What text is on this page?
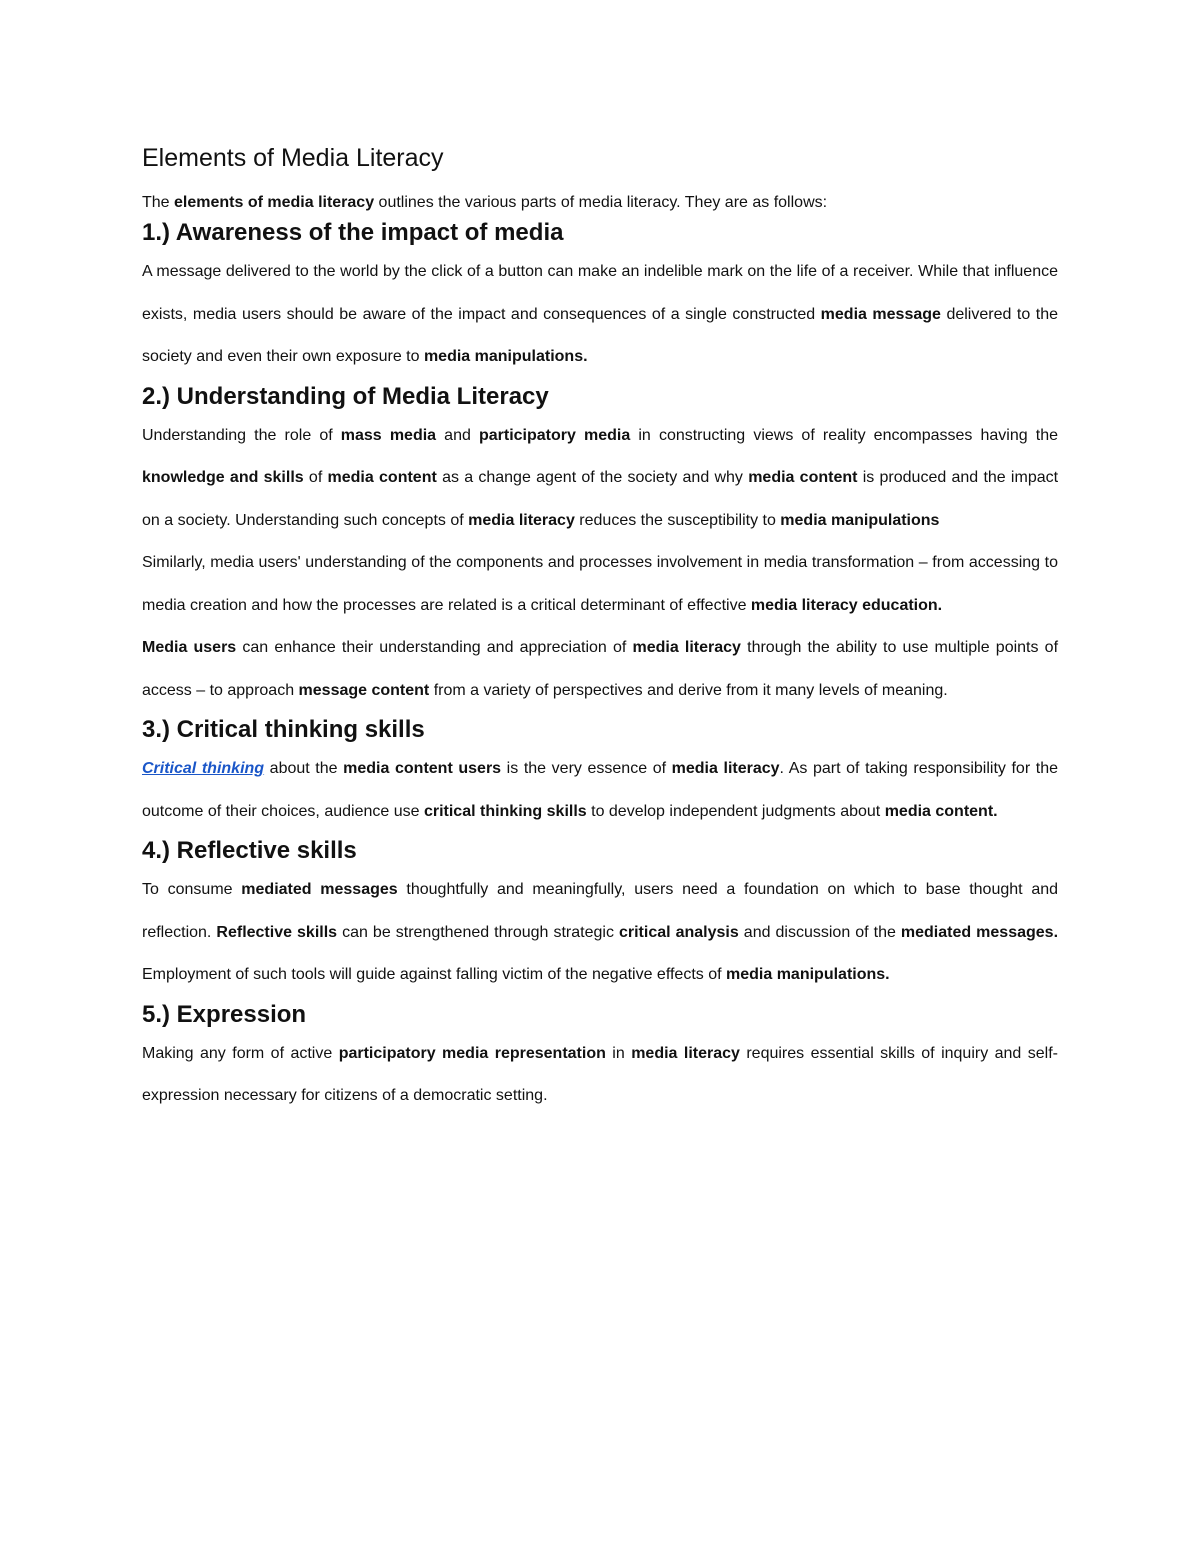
Elements of Media Literacy

The elements of media literacy outlines the various parts of media literacy. They are as follows:

1.) Awareness of the impact of media

A message delivered to the world by the click of a button can make an indelible mark on the life of a receiver. While that influence exists, media users should be aware of the impact and consequences of a single constructed media message delivered to the society and even their own exposure to media manipulations.

2.) Understanding of Media Literacy

Understanding the role of mass media and participatory media in constructing views of reality encompasses having the knowledge and skills of media content as a change agent of the society and why media content is produced and the impact on a society. Understanding such concepts of media literacy reduces the susceptibility to media manipulations

Similarly, media users' understanding of the components and processes involvement in media transformation – from accessing to media creation and how the processes are related is a critical determinant of effective media literacy education.

Media users can enhance their understanding and appreciation of media literacy through the ability to use multiple points of access – to approach message content from a variety of perspectives and derive from it many levels of meaning.

3.) Critical thinking skills

Critical thinking about the media content users is the very essence of media literacy. As part of taking responsibility for the outcome of their choices, audience use critical thinking skills to develop independent judgments about media content.

4.) Reflective skills

To consume mediated messages thoughtfully and meaningfully, users need a foundation on which to base thought and reflection. Reflective skills can be strengthened through strategic critical analysis and discussion of the mediated messages. Employment of such tools will guide against falling victim of the negative effects of media manipulations.

5.) Expression

Making any form of active participatory media representation in media literacy requires essential skills of inquiry and self-expression necessary for citizens of a democratic setting.
